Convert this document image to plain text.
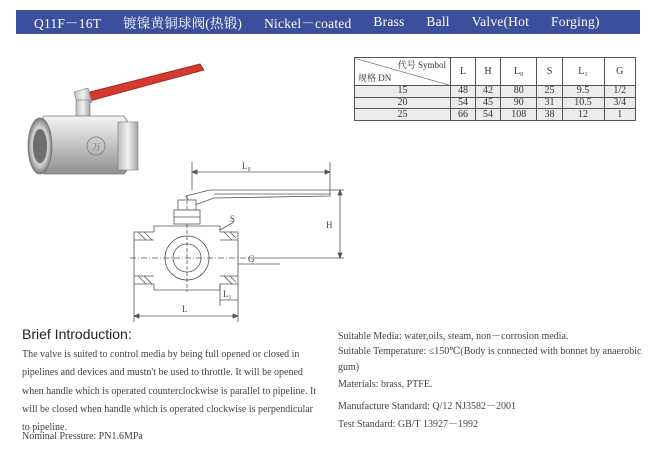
Q11F－16T 镀镍黄铜球阀(热锻) Nickel－coated Brass Ball Valve(Hot Forging)
万
代号 Symbol
规格 DN	L	H	L₀	S	L₁	G
15	48	42	80	25	9.5	1/2
20	54	45	90	31	10.5	3/4
25	66	54	108	38	12	1
L₀
S
G
H
L₁
L
Brief Introduction:
The valve is suited to control media by being full opened or closed in pipelines and devices and mustn't be used to throttle. It will be opened when handle which is operated counterclockwise is parallel to pipeline. It will be closed when handle which is operated clockwise is perpendicular to pipeline.
Nominal Pressure: PN1.6MPa
Suitable Media: water,oils, steam, non－corrosion media.
Suitable Temperature: ≤150℃(Body is connected with bonnet by anaerobic gum)
Materials: brass, PTFE.
Manufacture Standard: Q/12 NJ3582－2001
Test Standard: GB/T 13927－1992
